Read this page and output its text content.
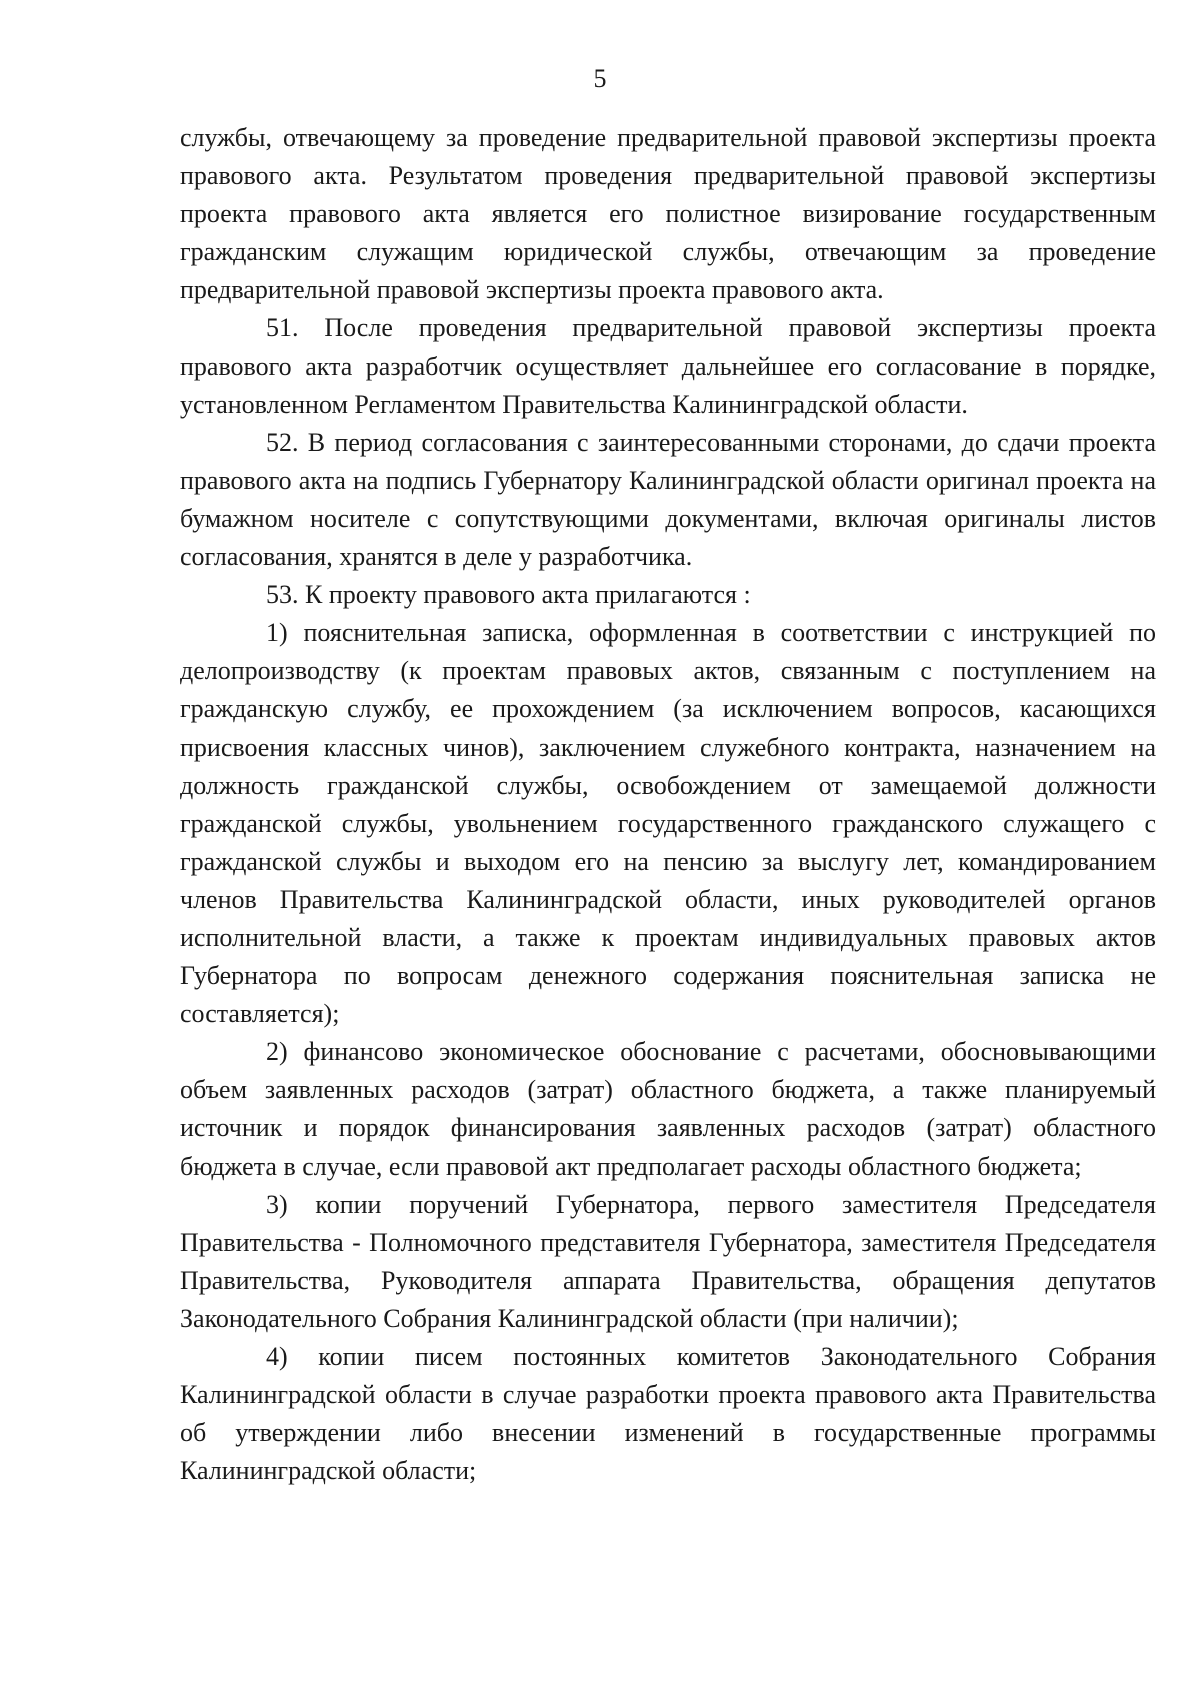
5

службы, отвечающему за проведение предварительной правовой экспертизы проекта правового акта. Результатом проведения предварительной правовой экспертизы проекта правового акта является его полистное визирование государственным гражданским служащим юридической службы, отвечающим за проведение предварительной правовой экспертизы проекта правового акта.

51. После проведения предварительной правовой экспертизы проекта правового акта разработчик осуществляет дальнейшее его согласование в порядке, установленном Регламентом Правительства Калининградской области.

52. В период согласования с заинтересованными сторонами, до сдачи проекта правового акта на подпись Губернатору Калининградской области оригинал проекта на бумажном носителе с сопутствующими документами, включая оригиналы листов согласования, хранятся в деле у разработчика.

53. К проекту правового акта прилагаются :

1) пояснительная записка, оформленная в соответствии с инструкцией по делопроизводству (к проектам правовых актов, связанным с поступлением на гражданскую службу, ее прохождением (за исключением вопросов, касающихся присвоения классных чинов), заключением служебного контракта, назначением на должность гражданской службы, освобождением от замещаемой должности гражданской службы, увольнением государственного гражданского служащего с гражданской службы и выходом его на пенсию за выслугу лет, командированием членов Правительства Калининградской области, иных руководителей органов исполнительной власти, а также к проектам индивидуальных правовых актов Губернатора по вопросам денежного содержания пояснительная записка не составляется);

2) финансово экономическое обоснование с расчетами, обосновывающими объем заявленных расходов (затрат) областного бюджета, а также планируемый источник и порядок финансирования заявленных расходов (затрат) областного бюджета в случае, если правовой акт предполагает расходы областного бюджета;

3) копии поручений Губернатора, первого заместителя Председателя Правительства - Полномочного представителя Губернатора, заместителя Председателя Правительства, Руководителя аппарата Правительства, обращения депутатов Законодательного Собрания Калининградской области (при наличии);

4) копии писем постоянных комитетов Законодательного Собрания Калининградской области в случае разработки проекта правового акта Правительства об утверждении либо внесении изменений в государственные программы Калининградской области;
